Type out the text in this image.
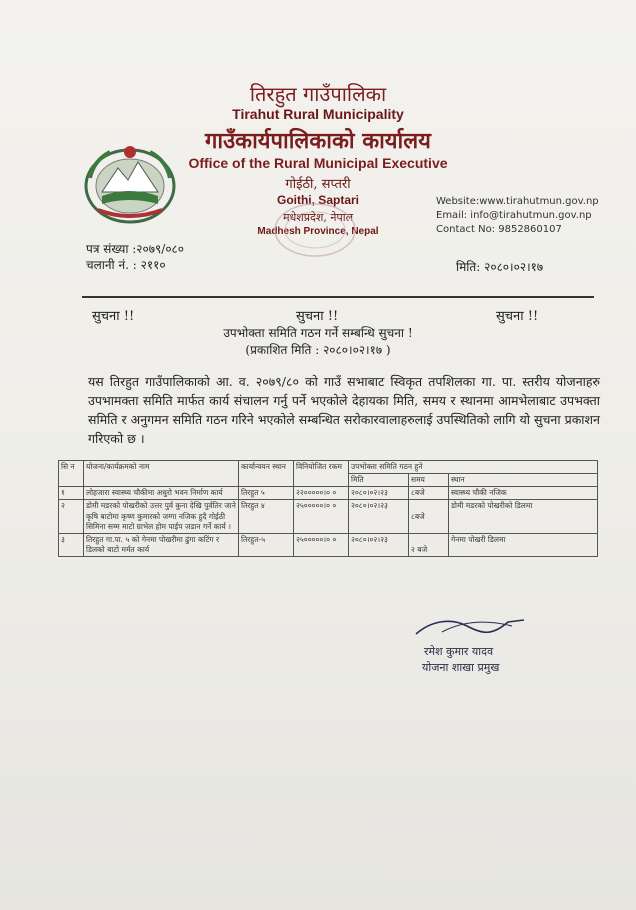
तिरहुत गाउँपालिका
Tirahut Rural Municipality
गाउँकार्यपालिकाको कार्यालय
Office of the Rural Municipal Executive
गोईठी, सप्तरी
Goithi, Saptari
मधेशप्रदेश, नेपाल
Madhesh Province, Nepal
Website:www.tirahutmun.gov.np
Email: info@tirahutmun.gov.np
Contact No: 9852860107
पत्र संख्या :२०७९/०८०
चलानी नं. : २११०	मिति: २०८०।०२।१७
सुचना !!	सुचना !!	सुचना !!
उपभोक्ता समिति गठन गर्ने सम्बन्धि सुचना !
(प्रकाशित मिति : २०८०।०२।१७ )
यस तिरहुत गाउँपालिकाको आ. व. २०७९/८० को गाउँ सभाबाट स्विकृत तपशिलका गा. पा. स्तरीय योजनाहरु उपभामक्ता समिति मार्फत कार्य संचालन गर्नु पर्ने भएकोले देहायका मिति, समय र स्थानमा आमभेलाबाट उपभक्ता समिति र अनुगमन समिति गठन गरिने भएकोले सम्बन्धित सरोकारवालाहरुलाई उपस्थितिको लागि यो सुचना प्रकाशन गरिएको छ ।
सि न	योजना/कार्यक्रमको नाम	कार्यान्वयन स्थान	विनियोजित रकम	उपभोक्ता समिति गठन हुने		
				मिति	समय	स्थान
१	लोहजारा स्वास्थ्य चौकीमा अधुरो भवन निर्माण कार्य	तिरहुत ५	२२०००००।० ०	२०८०।०२।२३	८बजे	स्वास्थ्य चौकी नजिक
२	डोमी मडरको पोखरीको उत्तर पुर्व कुना देखि पुर्वतिर जाने कृषि बाटोमा कृष्ण कुमारको जग्गा नजिक हुदै गोईठी सिमिना सम्म माटो ग्राभेल होम पाईप जडान गर्ने कार्य ।	तिरहुत ४	२५०००००।० ०	२०८०।०२।२३	८बजे	डोमी मडरको पोखरीको डिलमा
३	तिरहुत गा.पा. ५ को गेनमा पोखरीमा ढुंगा कटिंग र डिलको बाटो मर्मत कार्य	तिरहुत-५	२५०००००।० ०	२०८०।०२।२३	२ बजे	गेनमा पोखरी डिलमा
रमेश कुमार यादव
योजना शाखा प्रमुख
